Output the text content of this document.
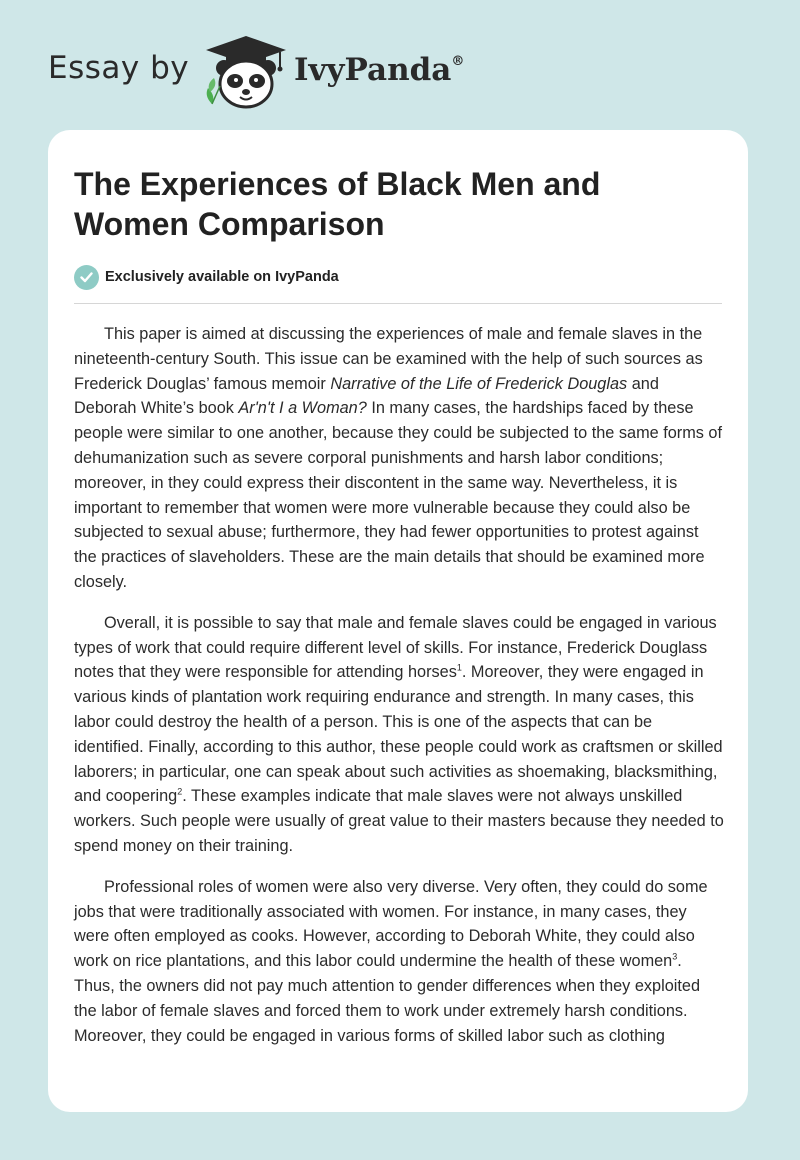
Essay by	IvyPanda®
The Experiences of Black Men and Women Comparison
Exclusively available on IvyPanda

This paper is aimed at discussing the experiences of male and female slaves in the nineteenth-century South. This issue can be examined with the help of such sources as Frederick Douglas’ famous memoir Narrative of the Life of Frederick Douglas and Deborah White’s book Ar'n't I a Woman? In many cases, the hardships faced by these people were similar to one another, because they could be subjected to the same forms of dehumanization such as severe corporal punishments and harsh labor conditions; moreover, in they could express their discontent in the same way. Nevertheless, it is important to remember that women were more vulnerable because they could also be subjected to sexual abuse; furthermore, they had fewer opportunities to protest against the practices of slaveholders. These are the main details that should be examined more closely.

Overall, it is possible to say that male and female slaves could be engaged in various types of work that could require different level of skills. For instance, Frederick Douglass notes that they were responsible for attending horses$^1$. Moreover, they were engaged in various kinds of plantation work requiring endurance and strength. In many cases, this labor could destroy the health of a person. This is one of the aspects that can be identified. Finally, according to this author, these people could work as craftsmen or skilled laborers; in particular, one can speak about such activities as shoemaking, blacksmithing, and coopering$^2$. These examples indicate that male slaves were not always unskilled workers. Such people were usually of great value to their masters because they needed to spend money on their training.

Professional roles of women were also very diverse. Very often, they could do some jobs that were traditionally associated with women. For instance, in many cases, they were often employed as cooks. However, according to Deborah White, they could also work on rice plantations, and this labor could undermine the health of these women$^3$. Thus, the owners did not pay much attention to gender differences when they exploited the labor of female slaves and forced them to work under extremely harsh conditions. Moreover, they could be engaged in various forms of skilled labor such as clothing
